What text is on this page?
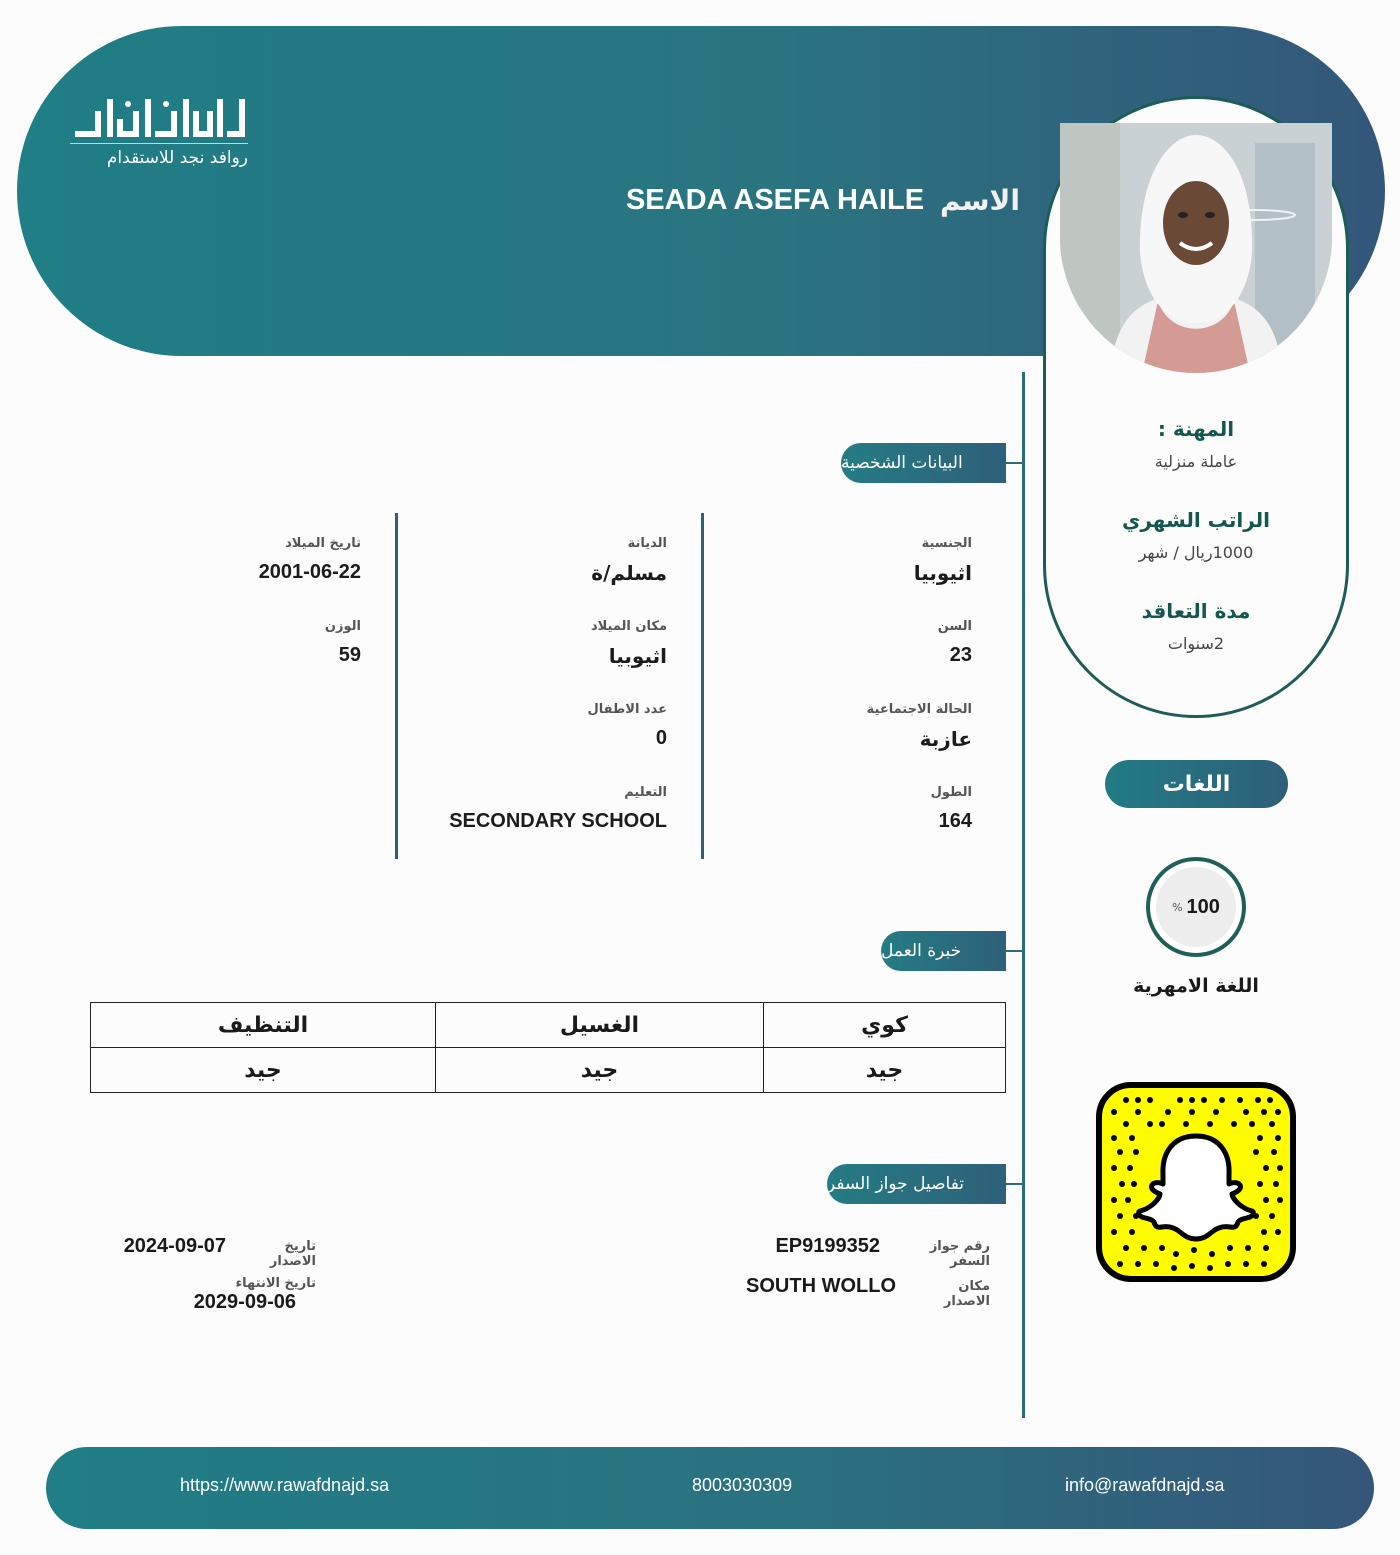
روافد نجد للاستقدام
SEADA ASEFA HAILE الاسم
المهنة :
عاملة منزلية
الراتب الشهري
1000ريال / شهر
مدة التعاقد
2سنوات
البيانات الشخصية
خبرة العمل
تفاصيل جواز السفر
الجنسية
اثيوبيا
السن
23
الحالة الاجتماعية
عازبة
الطول
164
الديانة
مسلم/ة
مكان الميلاد
اثيوبيا
عدد الاطفال
0
التعليم
SECONDARY SCHOOL
تاريخ الميلاد
2001-06-22
الوزن
59
كوي	الغسيل	التنظيف
جيد	جيد	جيد
رقم جواز السفر
EP9199352
مكان الاصدار
SOUTH WOLLO
تاريخ الاصدار
2024-09-07
تاريخ الانتهاء
2029-09-06
اللغات
% 100
اللغة الامهرية
https://www.rawafdnajd.sa	8003030309	info@rawafdnajd.sa
